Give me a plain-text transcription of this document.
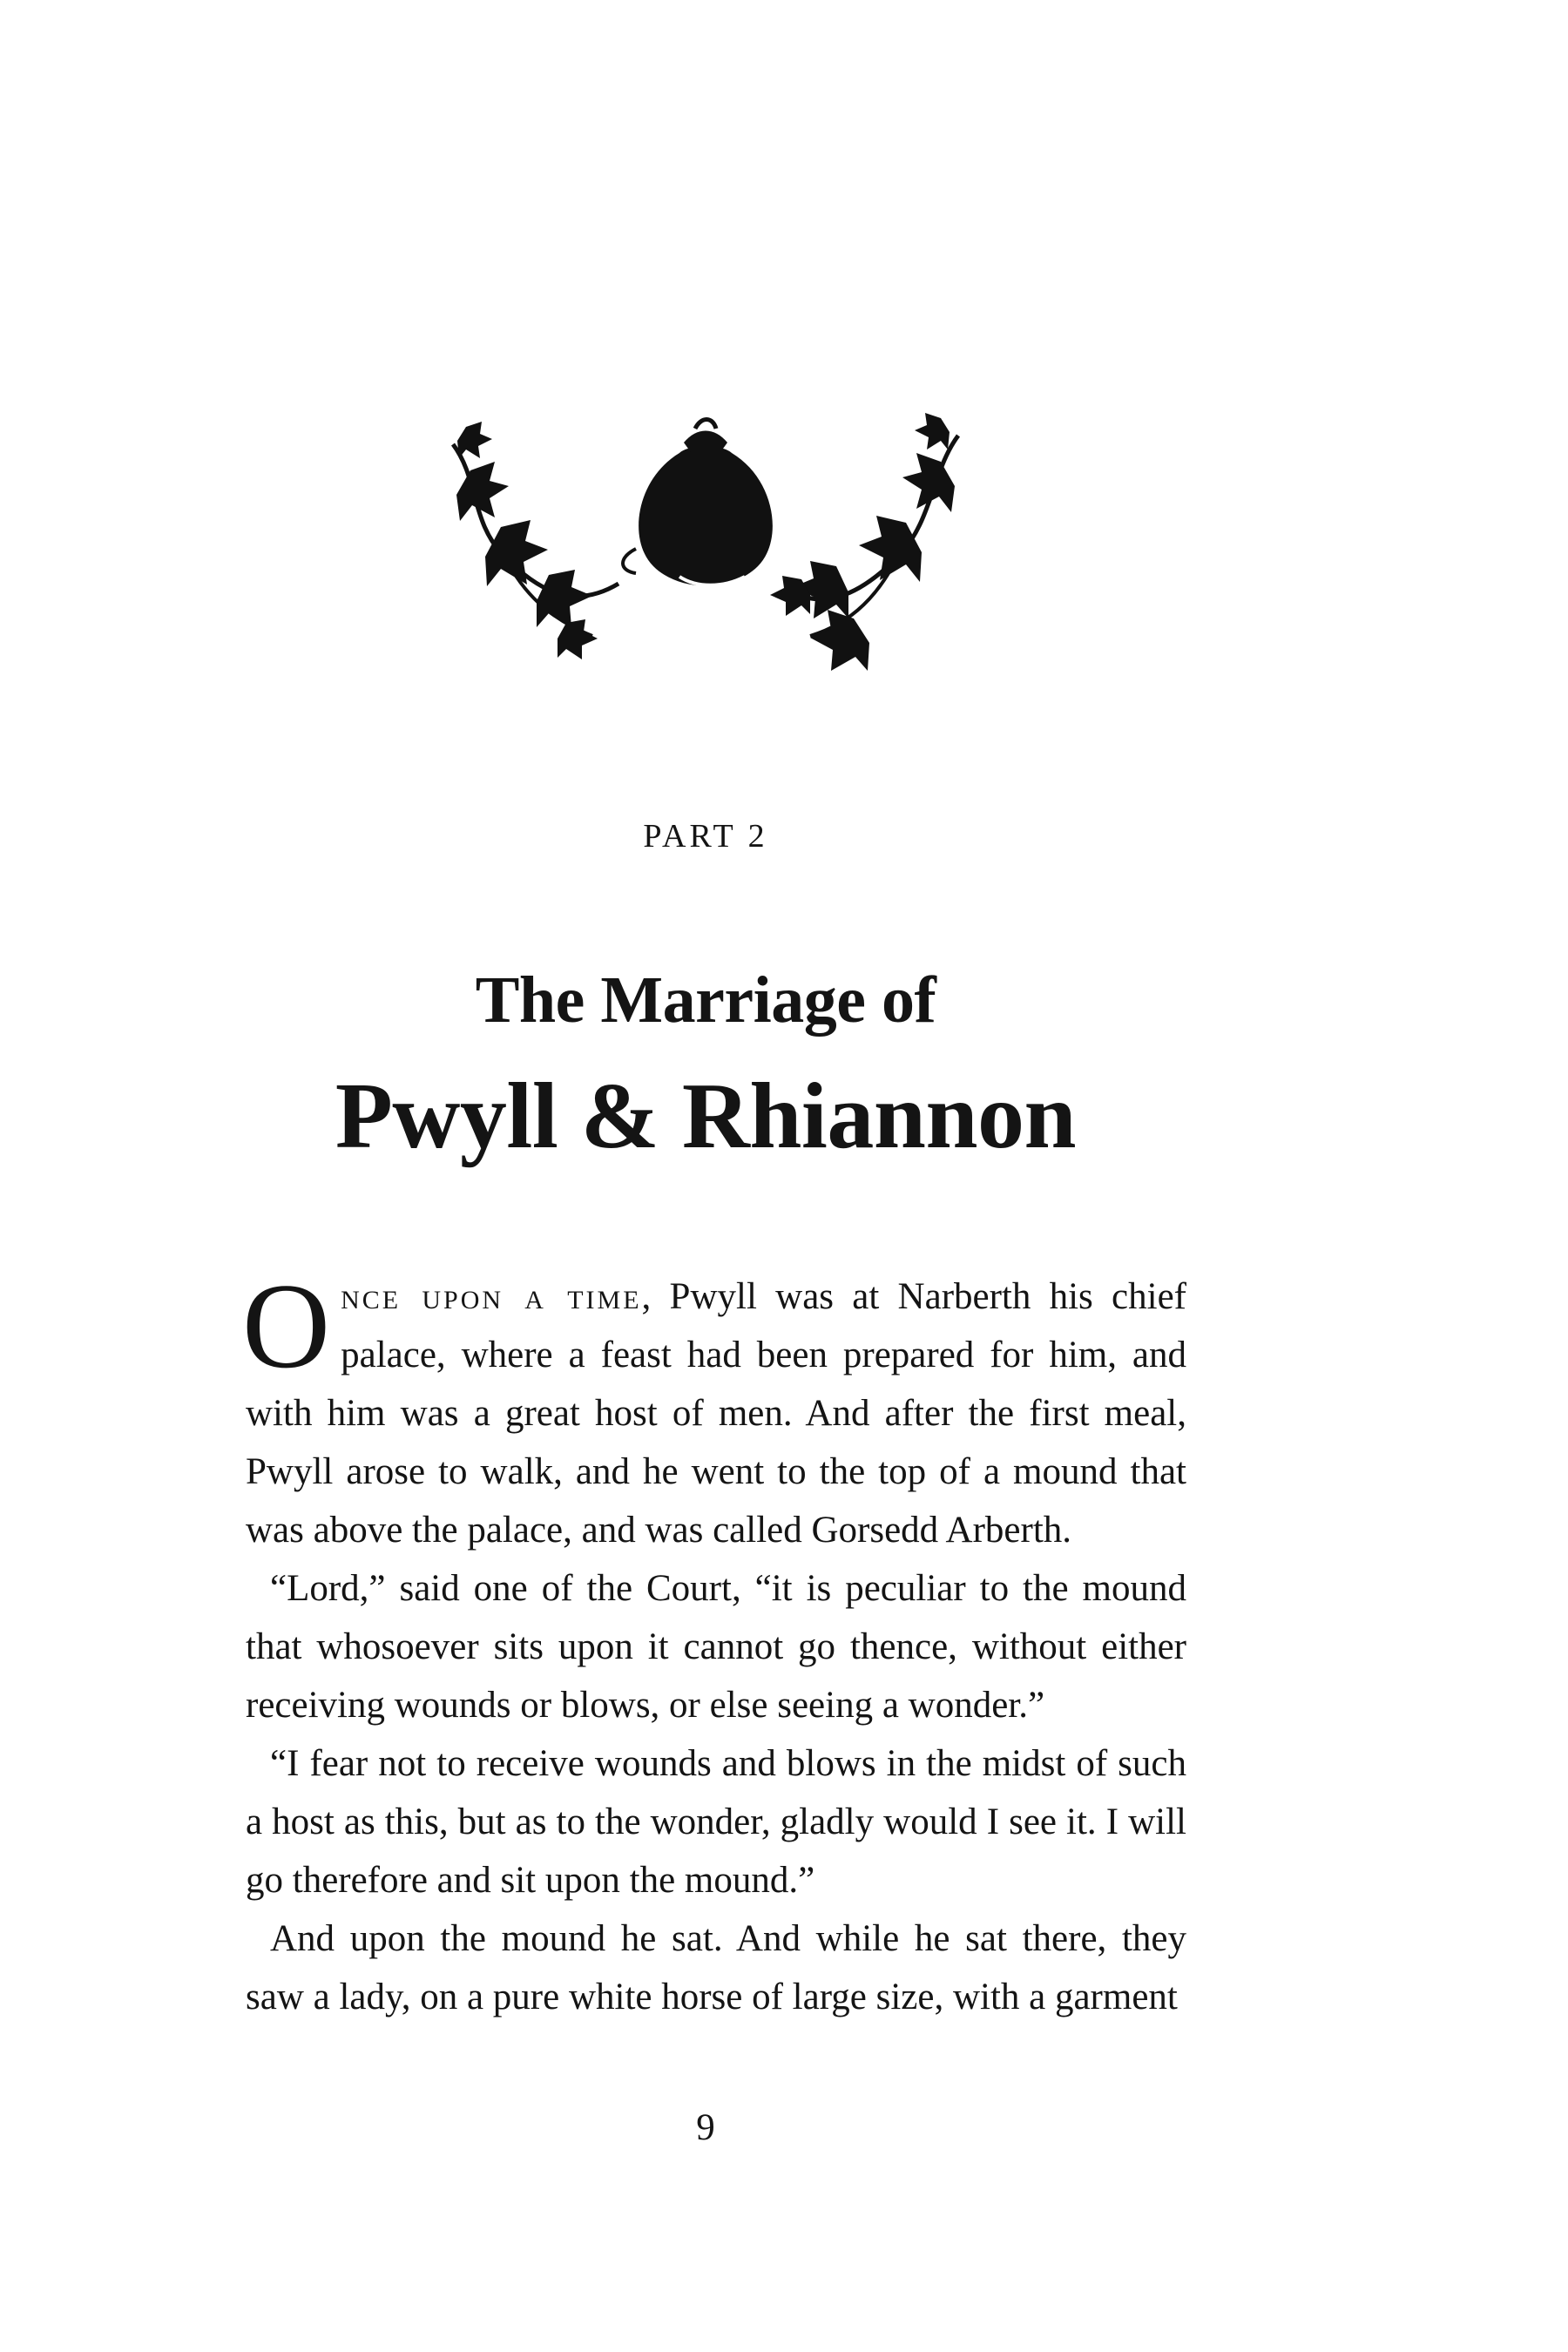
PART 2
The Marriage of
Pwyll & Rhiannon

Once upon a time, Pwyll was at Narberth his chief palace, where a feast had been prepared for him, and with him was a great host of men. And after the first meal, Pwyll arose to walk, and he went to the top of a mound that was above the palace, and was called Gorsedd Arberth.

“Lord,” said one of the Court, “it is peculiar to the mound that whosoever sits upon it cannot go thence, without either receiving wounds or blows, or else seeing a wonder.”

“I fear not to receive wounds and blows in the midst of such a host as this, but as to the wonder, gladly would I see it. I will go therefore and sit upon the mound.”

And upon the mound he sat. And while he sat there, they saw a lady, on a pure white horse of large size, with a garment

9
